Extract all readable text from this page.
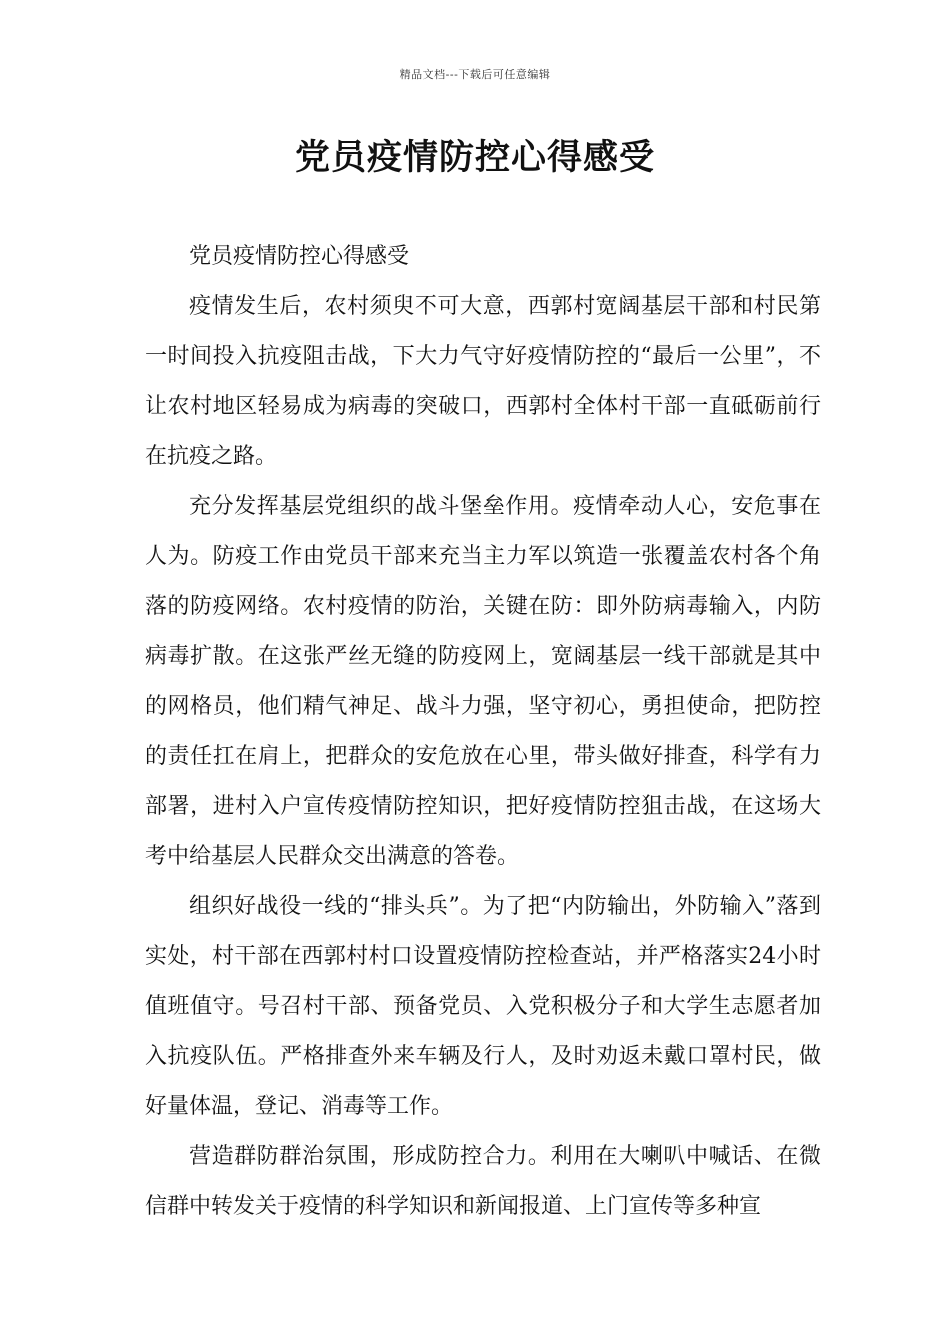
精品文档---下载后可任意编辑
党员疫情防控心得感受

党员疫情防控心得感受

疫情发生后，农村须臾不可大意，西郭村宽阔基层干部和村民第一时间投入抗疫阻击战，下大力气守好疫情防控的“最后一公里”，不让农村地区轻易成为病毒的突破口，西郭村全体村干部一直砥砺前行在抗疫之路。

充分发挥基层党组织的战斗堡垒作用。疫情牵动人心，安危事在人为。防疫工作由党员干部来充当主力军以筑造一张覆盖农村各个角落的防疫网络。农村疫情的防治，关键在防：即外防病毒输入，内防病毒扩散。在这张严丝无缝的防疫网上，宽阔基层一线干部就是其中的网格员，他们精气神足、战斗力强，坚守初心，勇担使命，把防控的责任扛在肩上，把群众的安危放在心里，带头做好排查，科学有力部署，进村入户宣传疫情防控知识，把好疫情防控狙击战，在这场大考中给基层人民群众交出满意的答卷。

组织好战役一线的“排头兵”。为了把“内防输出，外防输入”落到实处，村干部在西郭村村口设置疫情防控检查站，并严格落实24小时值班值守。号召村干部、预备党员、入党积极分子和大学生志愿者加入抗疫队伍。严格排查外来车辆及行人，及时劝返未戴口罩村民，做好量体温，登记、消毒等工作。

营造群防群治氛围，形成防控合力。利用在大喇叭中喊话、在微信群中转发关于疫情的科学知识和新闻报道、上门宣传等多种宣
